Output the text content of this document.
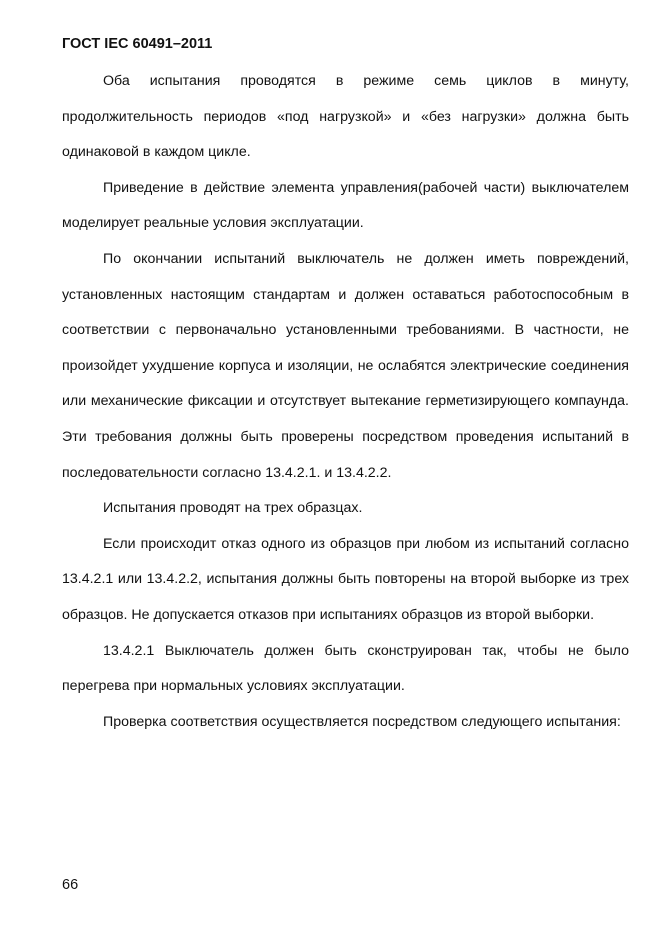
ГОСТ IEC 60491–2011

Оба испытания проводятся в режиме семь циклов в минуту, продолжительность периодов «под нагрузкой» и «без нагрузки» должна быть одинаковой в каждом цикле.

Приведение в действие элемента управления(рабочей части) выключателем моделирует реальные условия эксплуатации.

По окончании испытаний выключатель не должен иметь повреждений, установленных настоящим стандартам и должен оставаться работоспособным в соответствии с первоначально установленными требованиями. В частности, не произойдет ухудшение корпуса и изоляции, не ослабятся электрические соединения или механические фиксации и отсутствует вытекание герметизирующего компаунда. Эти требования должны быть проверены посредством проведения испытаний в последовательности согласно 13.4.2.1. и 13.4.2.2.

Испытания проводят на трех образцах.

Если происходит отказ одного из образцов при любом из испытаний согласно 13.4.2.1 или 13.4.2.2, испытания должны быть повторены на второй выборке из трех образцов. Не допускается отказов при испытаниях образцов из второй выборки.

13.4.2.1 Выключатель должен быть сконструирован так, чтобы не было перегрева при нормальных условиях эксплуатации.

Проверка соответствия осуществляется посредством следующего испытания:

66
